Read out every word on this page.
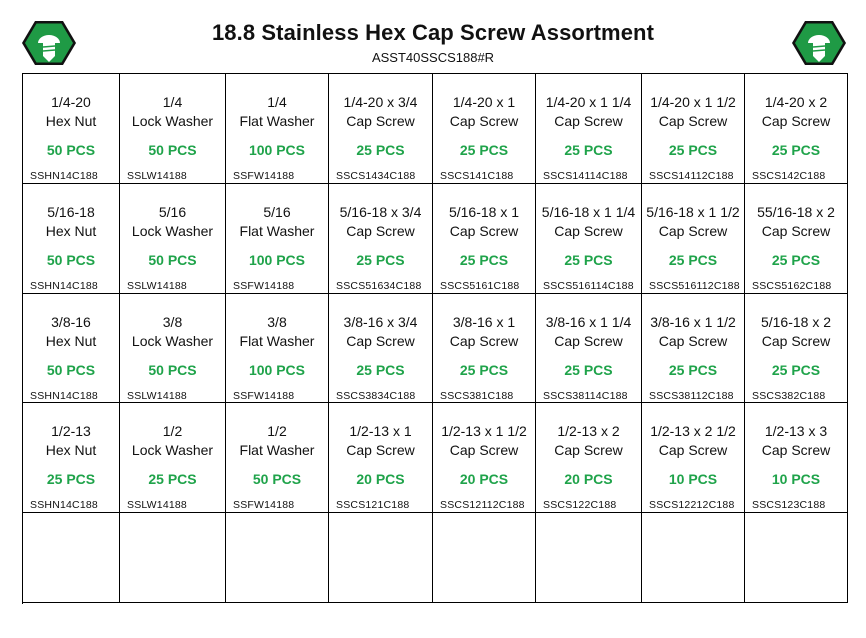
18.8 Stainless Hex Cap Screw Assortment
ASST40SSCS188#R
1/4-20
Hex Nut
50 PCS
SSHN14C188
1/4
Lock Washer
50 PCS
SSLW14188
1/4
Flat Washer
100 PCS
SSFW14188
1/4-20 x 3/4
Cap Screw
25 PCS
SSCS1434C188
1/4-20 x 1
Cap Screw
25 PCS
SSCS141C188
1/4-20 x 1 1/4
Cap Screw
25 PCS
SSCS14114C188
1/4-20 x 1 1/2
Cap Screw
25 PCS
SSCS14112C188
1/4-20 x 2
Cap Screw
25 PCS
SSCS142C188
5/16-18
Hex Nut
50 PCS
SSHN14C188
5/16
Lock Washer
50 PCS
SSLW14188
5/16
Flat Washer
100 PCS
SSFW14188
5/16-18 x 3/4
Cap Screw
25 PCS
SSCS51634C188
5/16-18 x 1
Cap Screw
25 PCS
SSCS5161C188
5/16-18 x 1 1/4
Cap Screw
25 PCS
SSCS516114C188
5/16-18 x 1 1/2
Cap Screw
25 PCS
SSCS516112C188
55/16-18 x 2
Cap Screw
25 PCS
SSCS5162C188
3/8-16
Hex Nut
50 PCS
SSHN14C188
3/8
Lock Washer
50 PCS
SSLW14188
3/8
Flat Washer
100 PCS
SSFW14188
3/8-16 x 3/4
Cap Screw
25 PCS
SSCS3834C188
3/8-16 x 1
Cap Screw
25 PCS
SSCS381C188
3/8-16 x 1 1/4
Cap Screw
25 PCS
SSCS38114C188
3/8-16 x 1 1/2
Cap Screw
25 PCS
SSCS38112C188
5/16-18 x 2
Cap Screw
25 PCS
SSCS382C188
1/2-13
Hex Nut
25 PCS
SSHN14C188
1/2
Lock Washer
25 PCS
SSLW14188
1/2
Flat Washer
50 PCS
SSFW14188
1/2-13 x 1
Cap Screw
20 PCS
SSCS121C188
1/2-13 x 1 1/2
Cap Screw
20 PCS
SSCS12112C188
1/2-13 x 2
Cap Screw
20 PCS
SSCS122C188
1/2-13 x 2 1/2
Cap Screw
10 PCS
SSCS12212C188
1/2-13 x 3
Cap Screw
10 PCS
SSCS123C188
